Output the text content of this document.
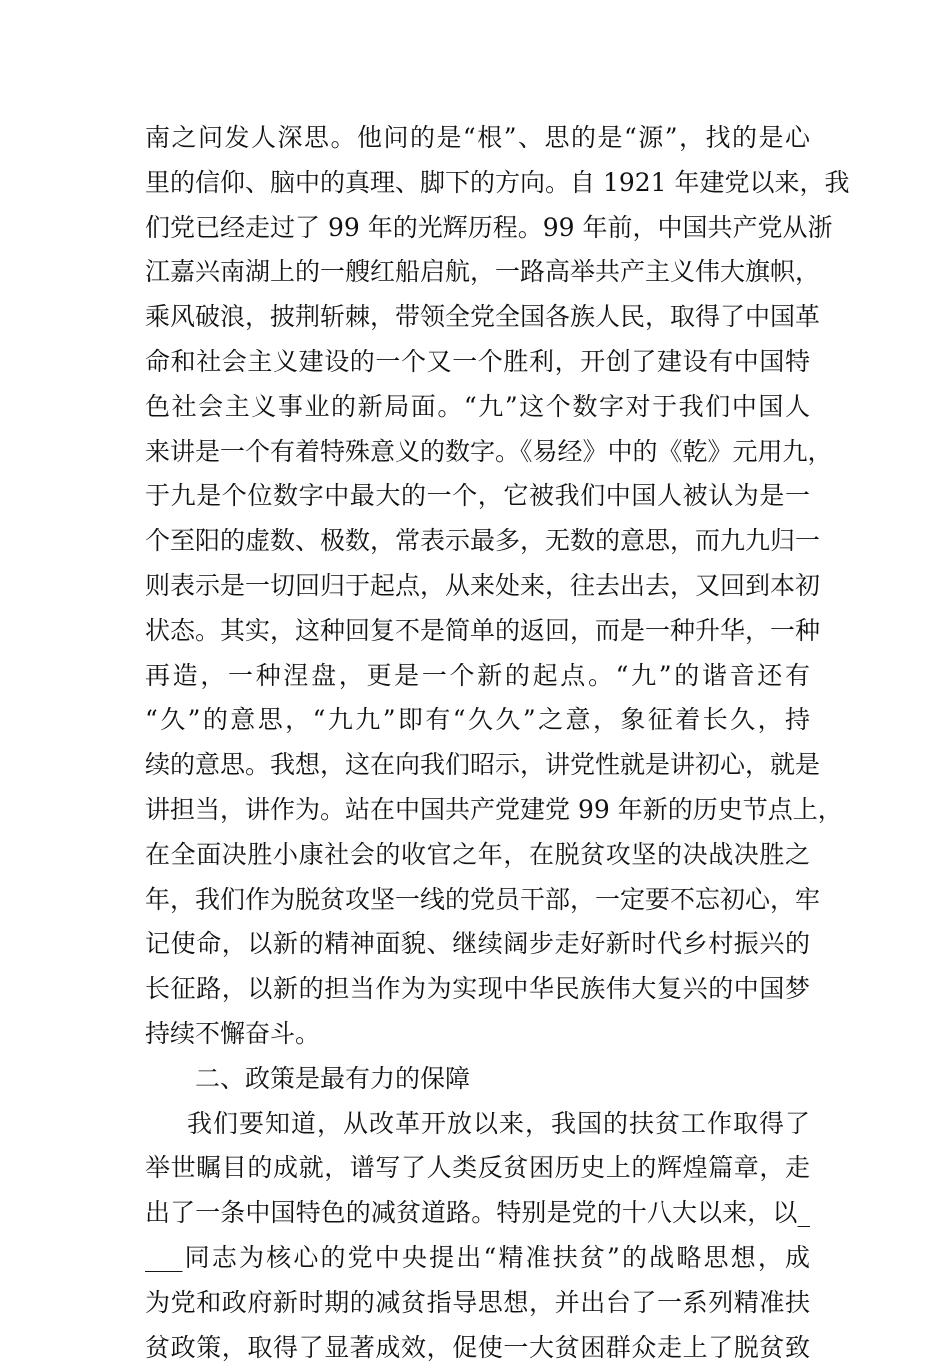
南之问发人深思。他问的是“根”、思的是“源”，找的是心
里的信仰、脑中的真理、脚下的方向。自 1921 年建党以来，我
们党已经走过了 99 年的光辉历程。99 年前，中国共产党从浙
江嘉兴南湖上的一艘红船启航，一路高举共产主义伟大旗帜，
乘风破浪，披荆斩棘，带领全党全国各族人民，取得了中国革
命和社会主义建设的一个又一个胜利，开创了建设有中国特
色社会主义事业的新局面。“九”这个数字对于我们中国人
来讲是一个有着特殊意义的数字。《易经》中的《乾》元用九，
于九是个位数字中最大的一个，它被我们中国人被认为是一
个至阳的虚数、极数，常表示最多，无数的意思，而九九归一
则表示是一切回归于起点，从来处来，往去出去，又回到本初
状态。其实，这种回复不是简单的返回，而是一种升华，一种
再造，一种涅盘，更是一个新的起点。“九”的谐音还有
“久”的意思，“九九”即有“久久”之意，象征着长久，持
续的意思。我想，这在向我们昭示，讲党性就是讲初心，就是
讲担当，讲作为。站在中国共产党建党 99 年新的历史节点上，
在全面决胜小康社会的收官之年，在脱贫攻坚的决战决胜之
年，我们作为脱贫攻坚一线的党员干部，一定要不忘初心，牢
记使命，以新的精神面貌、继续阔步走好新时代乡村振兴的
长征路，以新的担当作为为实现中华民族伟大复兴的中国梦
持续不懈奋斗。
二、政策是最有力的保障
我们要知道，从改革开放以来，我国的扶贫工作取得了
举世瞩目的成就，谱写了人类反贫困历史上的辉煌篇章，走
出了一条中国特色的减贫道路。特别是党的十八大以来，以_
___同志为核心的党中央提出“精准扶贫”的战略思想，成
为党和政府新时期的减贫指导思想，并出台了一系列精准扶
贫政策，取得了显著成效，促使一大贫困群众走上了脱贫致
